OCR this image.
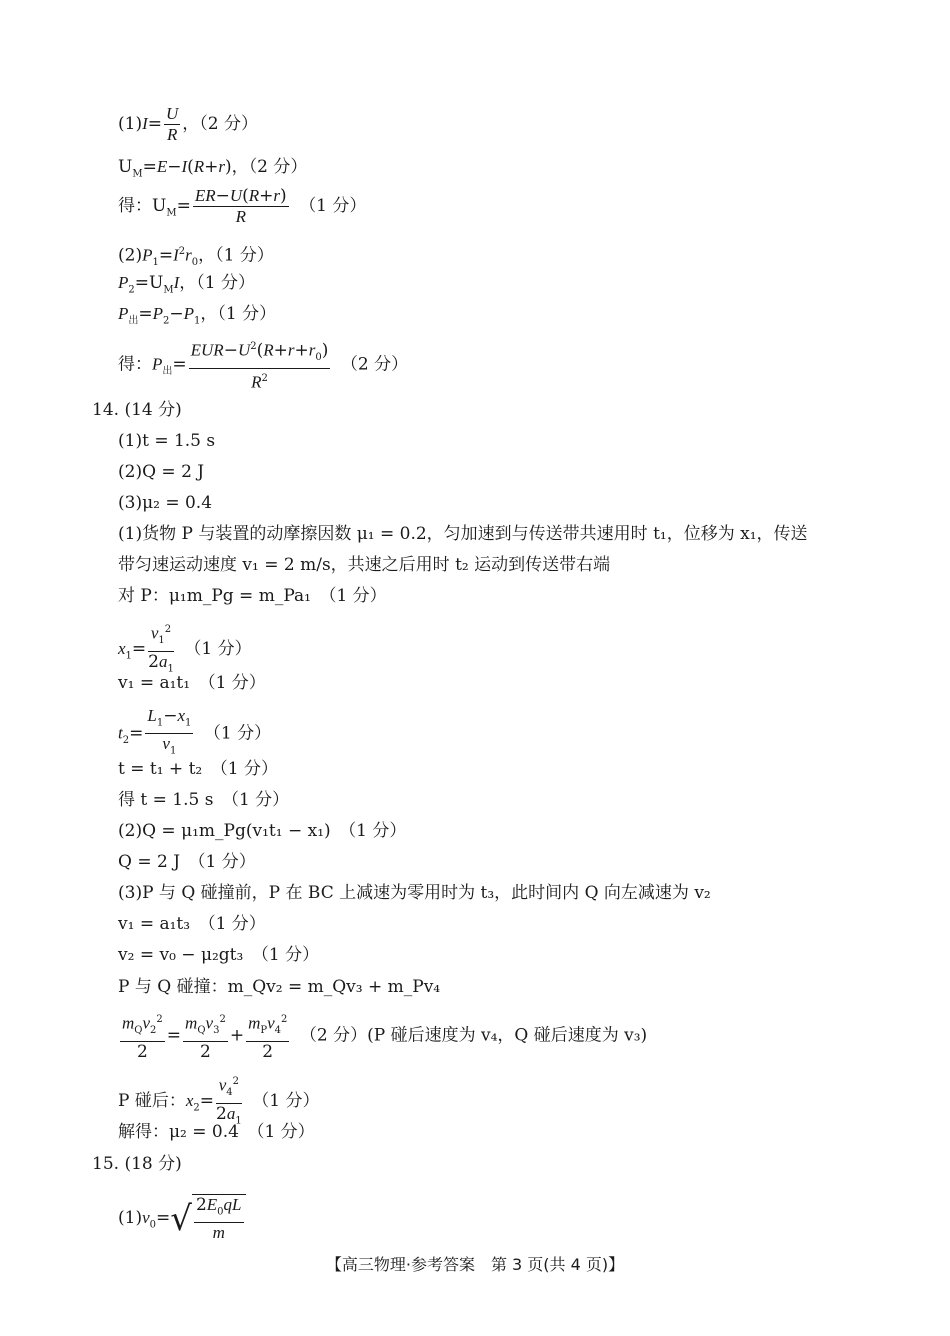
$(1)I= \frac{U}{R}$ ，（2 分）
$U_M=E-I(R+r)$，（2 分）
得：$U_M= \frac{ER-U(R+r)}{R}$
　 （1 分）
$(2)P_1=I^2r_0$，（1 分）
$P_2=U_MI$，（1 分）
$P_出=P_2-P_1$，（1 分）
得：$P_出= \frac{EUR-U^2(R+r+r_0)}{R^2}$
　 （2 分）
14. (14 分)
(1)t = 1.5 s
(2)Q = 2 J
(3)μ₂ = 0.4
(1)货物 P 与装置的动摩擦因数 μ₁ = 0.2，匀加速到与传送带共速用时 t₁，位移为 x₁，传送
带匀速运动速度 v₁ = 2 m/s，共速之后用时 t₂ 运动到传送带右端
对 P：μ₁m_Pg = m_Pa₁　 （1 分）
$x_1= \frac{v_1^2}{2a_1}$
　 （1 分）
v₁ = a₁t₁　 （1 分）
$t_2= \frac{L_1-x_1}{v_1}$
　 （1 分）
t = t₁ + t₂　 （1 分）
得 t = 1.5 s　 （1 分）
(2)Q = μ₁m_Pg(v₁t₁ − x₁)　 （1 分）
Q = 2 J　 （1 分）
(3)P 与 Q 碰撞前，P 在 BC 上减速为零用时为 t₃，此时间内 Q 向左减速为 v₂
v₁ = a₁t₃　 （1 分）
v₂ = v₀ − μ₂gt₃　 （1 分）
P 与 Q 碰撞：m_Qv₂ = m_Qv₃ + m_Pv₄
$\frac{m_Qv_2^2}{2} = \frac{m_Qv_3^2}{2} + \frac{m_Pv_4^2}{2}$
　 （2 分）(P 碰后速度为 v₄，Q 碰后速度为 v₃)
P 碰后：$x_2= \frac{v_4^2}{2a_1}$
　 （1 分）
解得：μ₂ = 0.4　 （1 分）
15. (18 分)
$(1)v_0=√ \frac{2E_0qL}{m}$
【高三物理·参考答案　第 3 页(共 4 页)】
